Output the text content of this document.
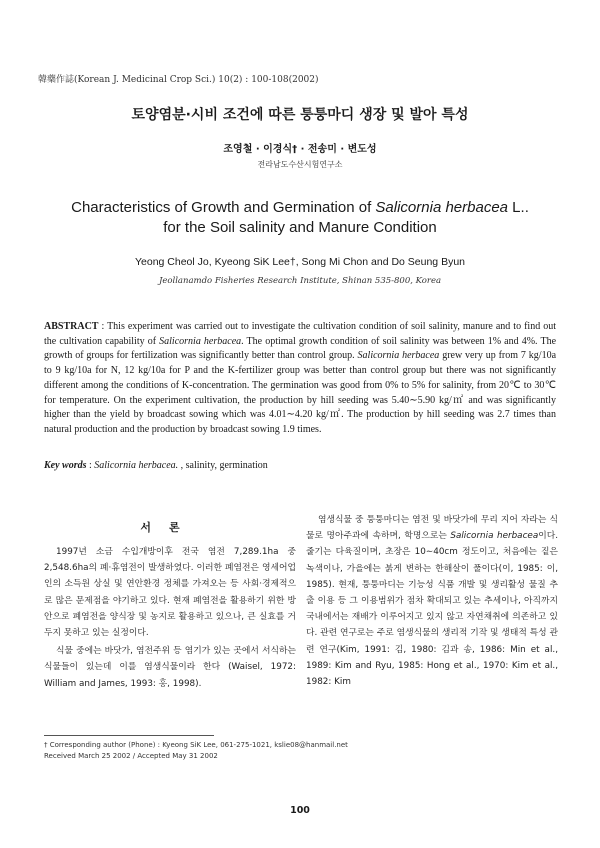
韓藥作誌(Korean J. Medicinal Crop Sci.) 10(2) : 100-108(2002)
토양염분·시비 조건에 따른 퉁퉁마디 생장 및 발아 특성
조영철 · 이경식† · 전송미 · 변도성
전라남도수산시험연구소
Characteristics of Growth and Germination of Salicornia herbacea L..
for the Soil salinity and Manure Condition
Yeong Cheol Jo, Kyeong SiK Lee†, Song Mi Chon and Do Seung Byun
Jeollanamdo Fisheries Research Institute, Shinan 535-800, Korea
ABSTRACT : This experiment was carried out to investigate the cultivation condition of soil salinity, manure and to find out the cultivation capability of Salicornia herbacea. The optimal growth condition of soil salinity was between 1% and 4%. The growth of groups for fertilization was significantly better than control group. Salicornia herbacea grew very up from 7 kg/10a to 9 kg/10a for N, 12 kg/10a for P and the K-fertilizer group was better than control group but there was not significantly different among the conditions of K-concentration. The germination was good from 0% to 5% for salinity, from 20℃ to 30℃ for temperature. On the experiment cultivation, the production by hill seeding was 5.40∼5.90 kg/㎡ and was significantly higher than the yield by broadcast sowing which was 4.01∼4.20 kg/㎡. The production by hill seeding was 2.7 times than natural production and the production by broadcast sowing 1.9 times.
Key words : Salicornia herbacea. , salinity, germination
서론

1997년 소금 수입개방이후 전국 염전 7,289.1ha 중 2,548.6ha의 폐·휴염전이 발생하였다. 이러한 폐염전은 영세어업인의 소득원 상실 및 연안환경 정체를 가져오는 등 사회·경제적으로 많은 문제점을 야기하고 있다. 현재 폐염전을 활용하기 위한 방안으로 폐염전을 양식장 및 농지로 활용하고 있으나, 큰 실효를 거두지 못하고 있는 실정이다.

식물 중에는 바닷가, 염전주위 등 염기가 있는 곳에서 서식하는 식물들이 있는데 이를 염생식물이라 한다 (Waisel, 1972: William and James, 1993: 홍, 1998).

염생식물 중 퉁퉁마디는 염전 및 바닷가에 무리 지어 자라는 식물로 명아주과에 속하며, 학명으로는 Salicornia herbacea이다. 줄기는 다육질이며, 초장은 10∼40cm 정도이고, 처음에는 짙은 녹색이나, 가을에는 붉게 변하는 한해살이 풀이다(이, 1985: 이, 1985). 현재, 퉁퉁마디는 기능성 식품 개발 및 생리활성 물질 추출 이용 등 그 이용범위가 점차 확대되고 있는 추세이나, 아직까지 국내에서는 재배가 이루어지고 있지 않고 자연채취에 의존하고 있다. 관련 연구로는 주로 염생식물의 생리적 기작 및 생태적 특성 관련 연구(Kim, 1991: 김, 1980: 김과 송, 1986: Min et al., 1989: Kim and Ryu, 1985: Hong et al., 1970: Kim et al., 1982: Kim

† Corresponding author (Phone) : Kyeong SiK Lee, 061-275-1021, kslie08@hanmail.net
Received March 25 2002 / Accepted May 31 2002
100
